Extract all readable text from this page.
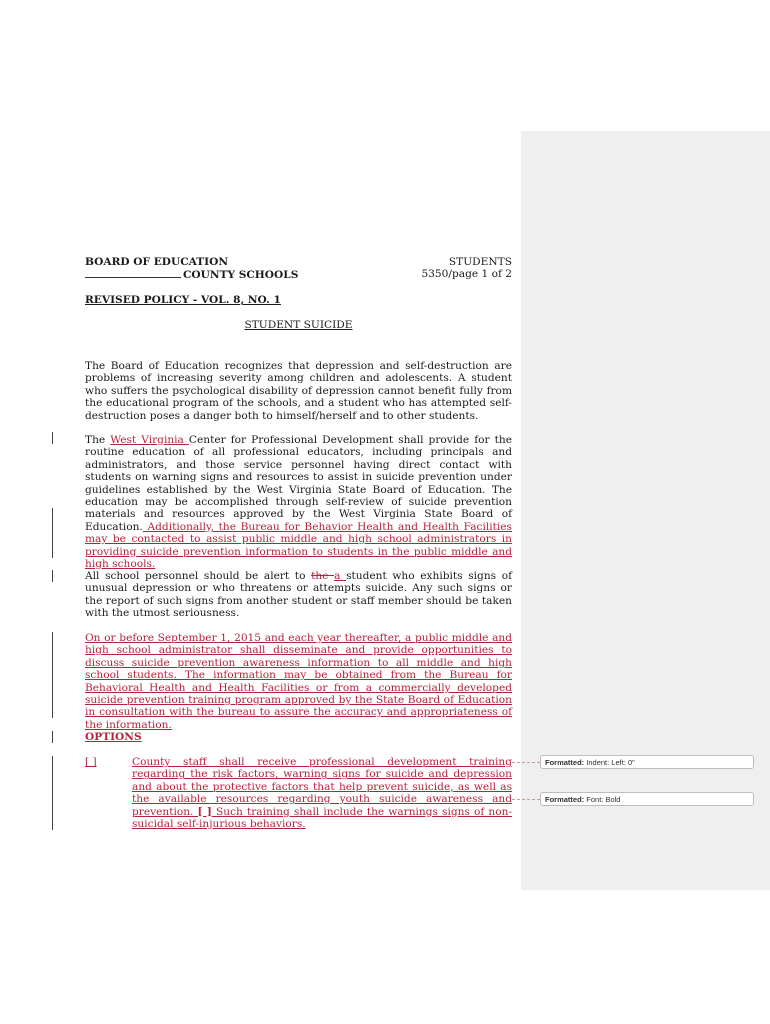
BOARD OF EDUCATION
COUNTY SCHOOLS
STUDENTS
5350/page 1 of 2
REVISED POLICY - VOL. 8, NO. 1
STUDENT SUICIDE
The Board of Education recognizes that depression and self-destruction are problems of increasing severity among children and adolescents. A student who suffers the psychological disability of depression cannot benefit fully from the educational program of the schools, and a student who has attempted self-destruction poses a danger both to himself/herself and to other students.
The West Virginia Center for Professional Development shall provide for the routine education of all professional educators, including principals and administrators, and those service personnel having direct contact with students on warning signs and resources to assist in suicide prevention under guidelines established by the West Virginia State Board of Education. The education may be accomplished through self-review of suicide prevention materials and resources approved by the West Virginia State Board of Education. Additionally, the Bureau for Behavior Health and Health Facilities may be contacted to assist public middle and high school administrators in providing suicide prevention information to students in the public middle and high schools.
All school personnel should be alert to the a student who exhibits signs of unusual depression or who threatens or attempts suicide. Any such signs or the report of such signs from another student or staff member should be taken with the utmost seriousness.
On or before September 1, 2015 and each year thereafter, a public middle and high school administrator shall disseminate and provide opportunities to discuss suicide prevention awareness information to all middle and high school students. The information may be obtained from the Bureau for Behavioral Health and Health Facilities or from a commercially developed suicide prevention training program approved by the State Board of Education in consultation with the bureau to assure the accuracy and appropriateness of the information.
OPTIONS
[ ]	County staff shall receive professional development training regarding the risk factors, warning signs for suicide and depression and about the protective factors that help prevent suicide, as well as the available resources regarding youth suicide awareness and prevention. [ ] Such training shall include the warnings signs of non-suicidal self-injurious behaviors.
Formatted: Indent: Left: 0"
Formatted: Font: Bold
